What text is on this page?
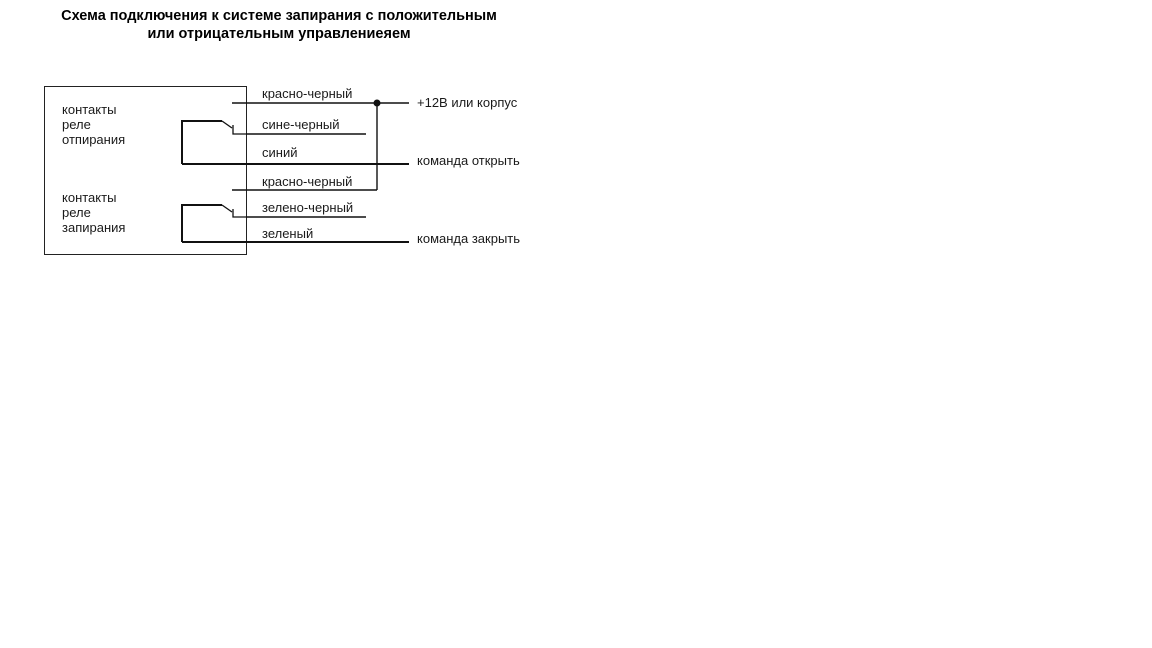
Схема подключения к системе запирания с положительным
или отрицательным управлениеяем
контакты
реле
отпирания
контакты
реле
запирания
красно-черный
сине-черный
синий
красно-черный
зелено-черный
зеленый
+12В или корпус
команда открыть
команда закрыть
